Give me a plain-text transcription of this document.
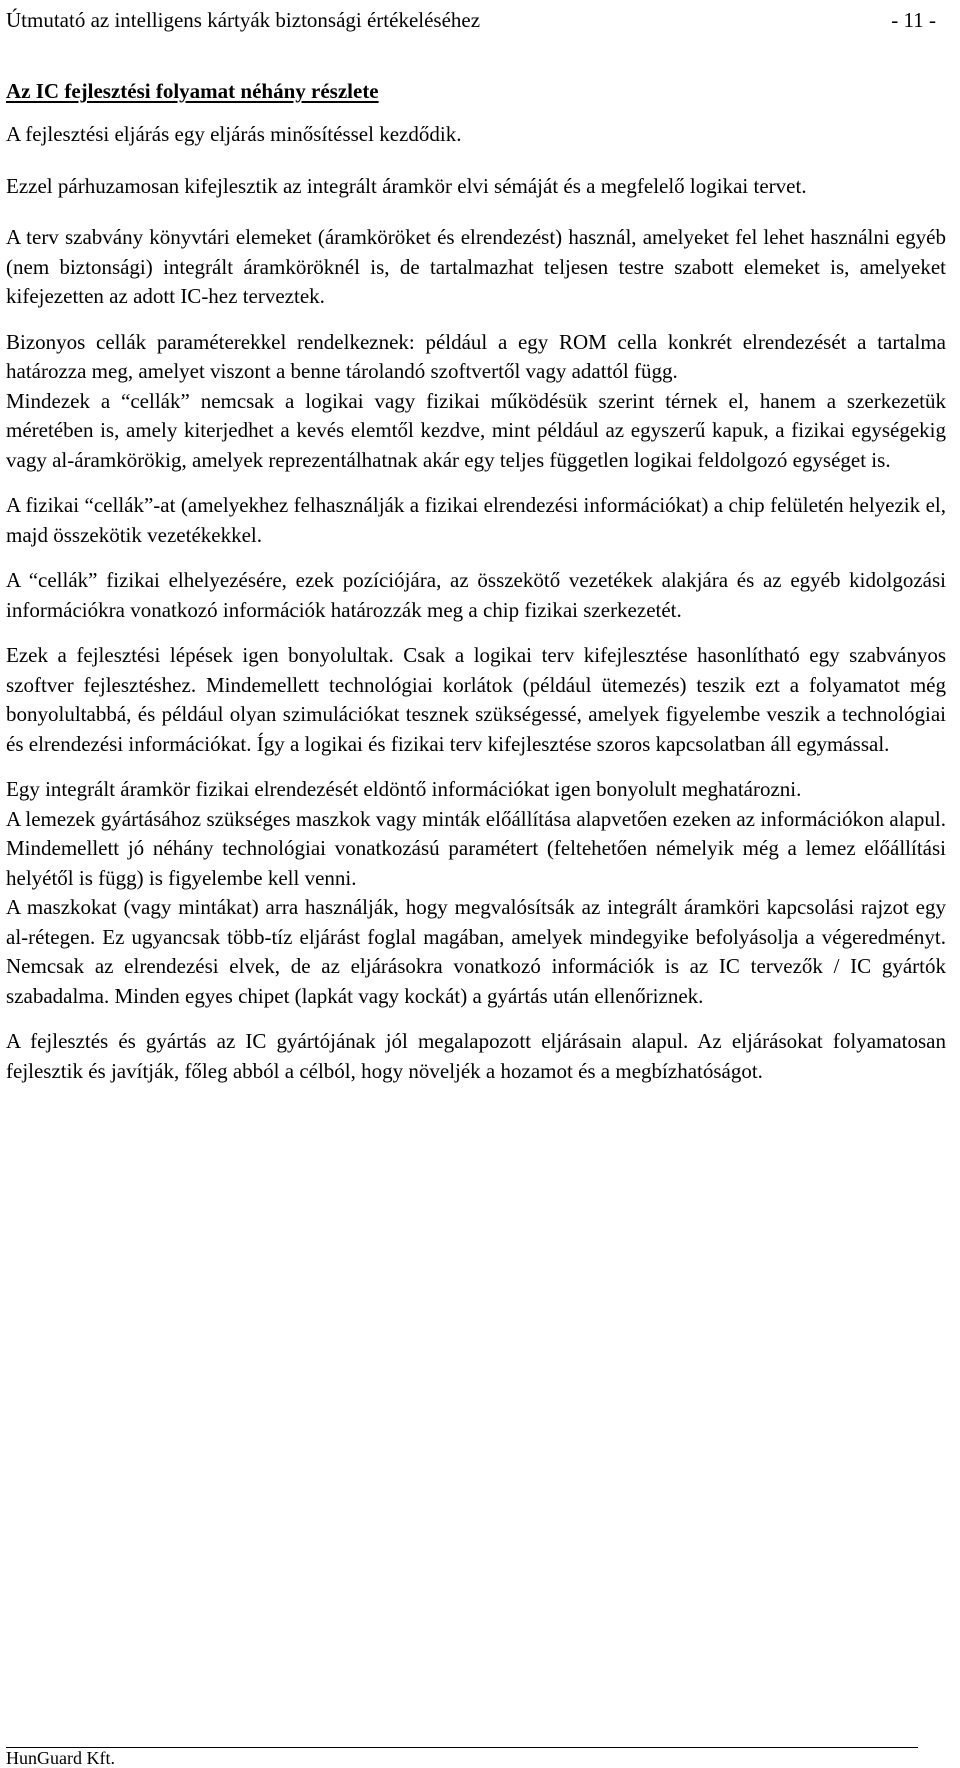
Útmutató az intelligens kártyák biztonsági értékeléséhez	- 11 -
Az IC fejlesztési folyamat néhány részlete

A fejlesztési eljárás egy eljárás minősítéssel kezdődik.

Ezzel párhuzamosan kifejlesztik az integrált áramkör elvi sémáját és a megfelelő logikai tervet.

A terv szabvány könyvtári elemeket (áramköröket és elrendezést) használ, amelyeket fel lehet használni egyéb (nem biztonsági) integrált áramköröknél is, de tartalmazhat teljesen testre szabott elemeket is, amelyeket kifejezetten az adott IC-hez terveztek.

Bizonyos cellák paraméterekkel rendelkeznek: például a egy ROM cella konkrét elrendezését a tartalma határozza meg, amelyet viszont a benne tárolandó szoftvertől vagy adattól függ.

Mindezek a “cellák” nemcsak a logikai vagy fizikai működésük szerint térnek el, hanem a szerkezetük méretében is, amely kiterjedhet a kevés elemtől kezdve, mint például az egyszerű kapuk, a fizikai egységekig vagy al-áramkörökig, amelyek reprezentálhatnak akár egy teljes független logikai feldolgozó egységet is.

A fizikai “cellák”-at (amelyekhez felhasználják a fizikai elrendezési információkat) a chip felületén helyezik el, majd összekötik vezetékekkel.

A “cellák” fizikai elhelyezésére, ezek pozíciójára, az összekötő vezetékek alakjára és az egyéb kidolgozási információkra vonatkozó információk határozzák meg a chip fizikai szerkezetét.

Ezek a fejlesztési lépések igen bonyolultak. Csak a logikai terv kifejlesztése hasonlítható egy szabványos szoftver fejlesztéshez. Mindemellett technológiai korlátok (például ütemezés) teszik ezt a folyamatot még bonyolultabbá, és például olyan szimulációkat tesznek szükségessé, amelyek figyelembe veszik a technológiai és elrendezési információkat. Így a logikai és fizikai terv kifejlesztése szoros kapcsolatban áll egymással.

Egy integrált áramkör fizikai elrendezését eldöntő információkat igen bonyolult meghatározni.

A lemezek gyártásához szükséges maszkok vagy minták előállítása alapvetően ezeken az információkon alapul. Mindemellett jó néhány technológiai vonatkozású paramétert (feltehetően némelyik még a lemez előállítási helyétől is függ) is figyelembe kell venni.

A maszkokat (vagy mintákat) arra használják, hogy megvalósítsák az integrált áramköri kapcsolási rajzot egy al-rétegen. Ez ugyancsak több-tíz eljárást foglal magában, amelyek mindegyike befolyásolja a végeredményt. Nemcsak az elrendezési elvek, de az eljárásokra vonatkozó információk is az IC tervezők / IC gyártók szabadalma. Minden egyes chipet (lapkát vagy kockát) a gyártás után ellenőriznek.

A fejlesztés és gyártás az IC gyártójának jól megalapozott eljárásain alapul. Az eljárásokat folyamatosan fejlesztik és javítják, főleg abból a célból, hogy növeljék a hozamot és a megbízhatóságot.

HunGuard Kft.
